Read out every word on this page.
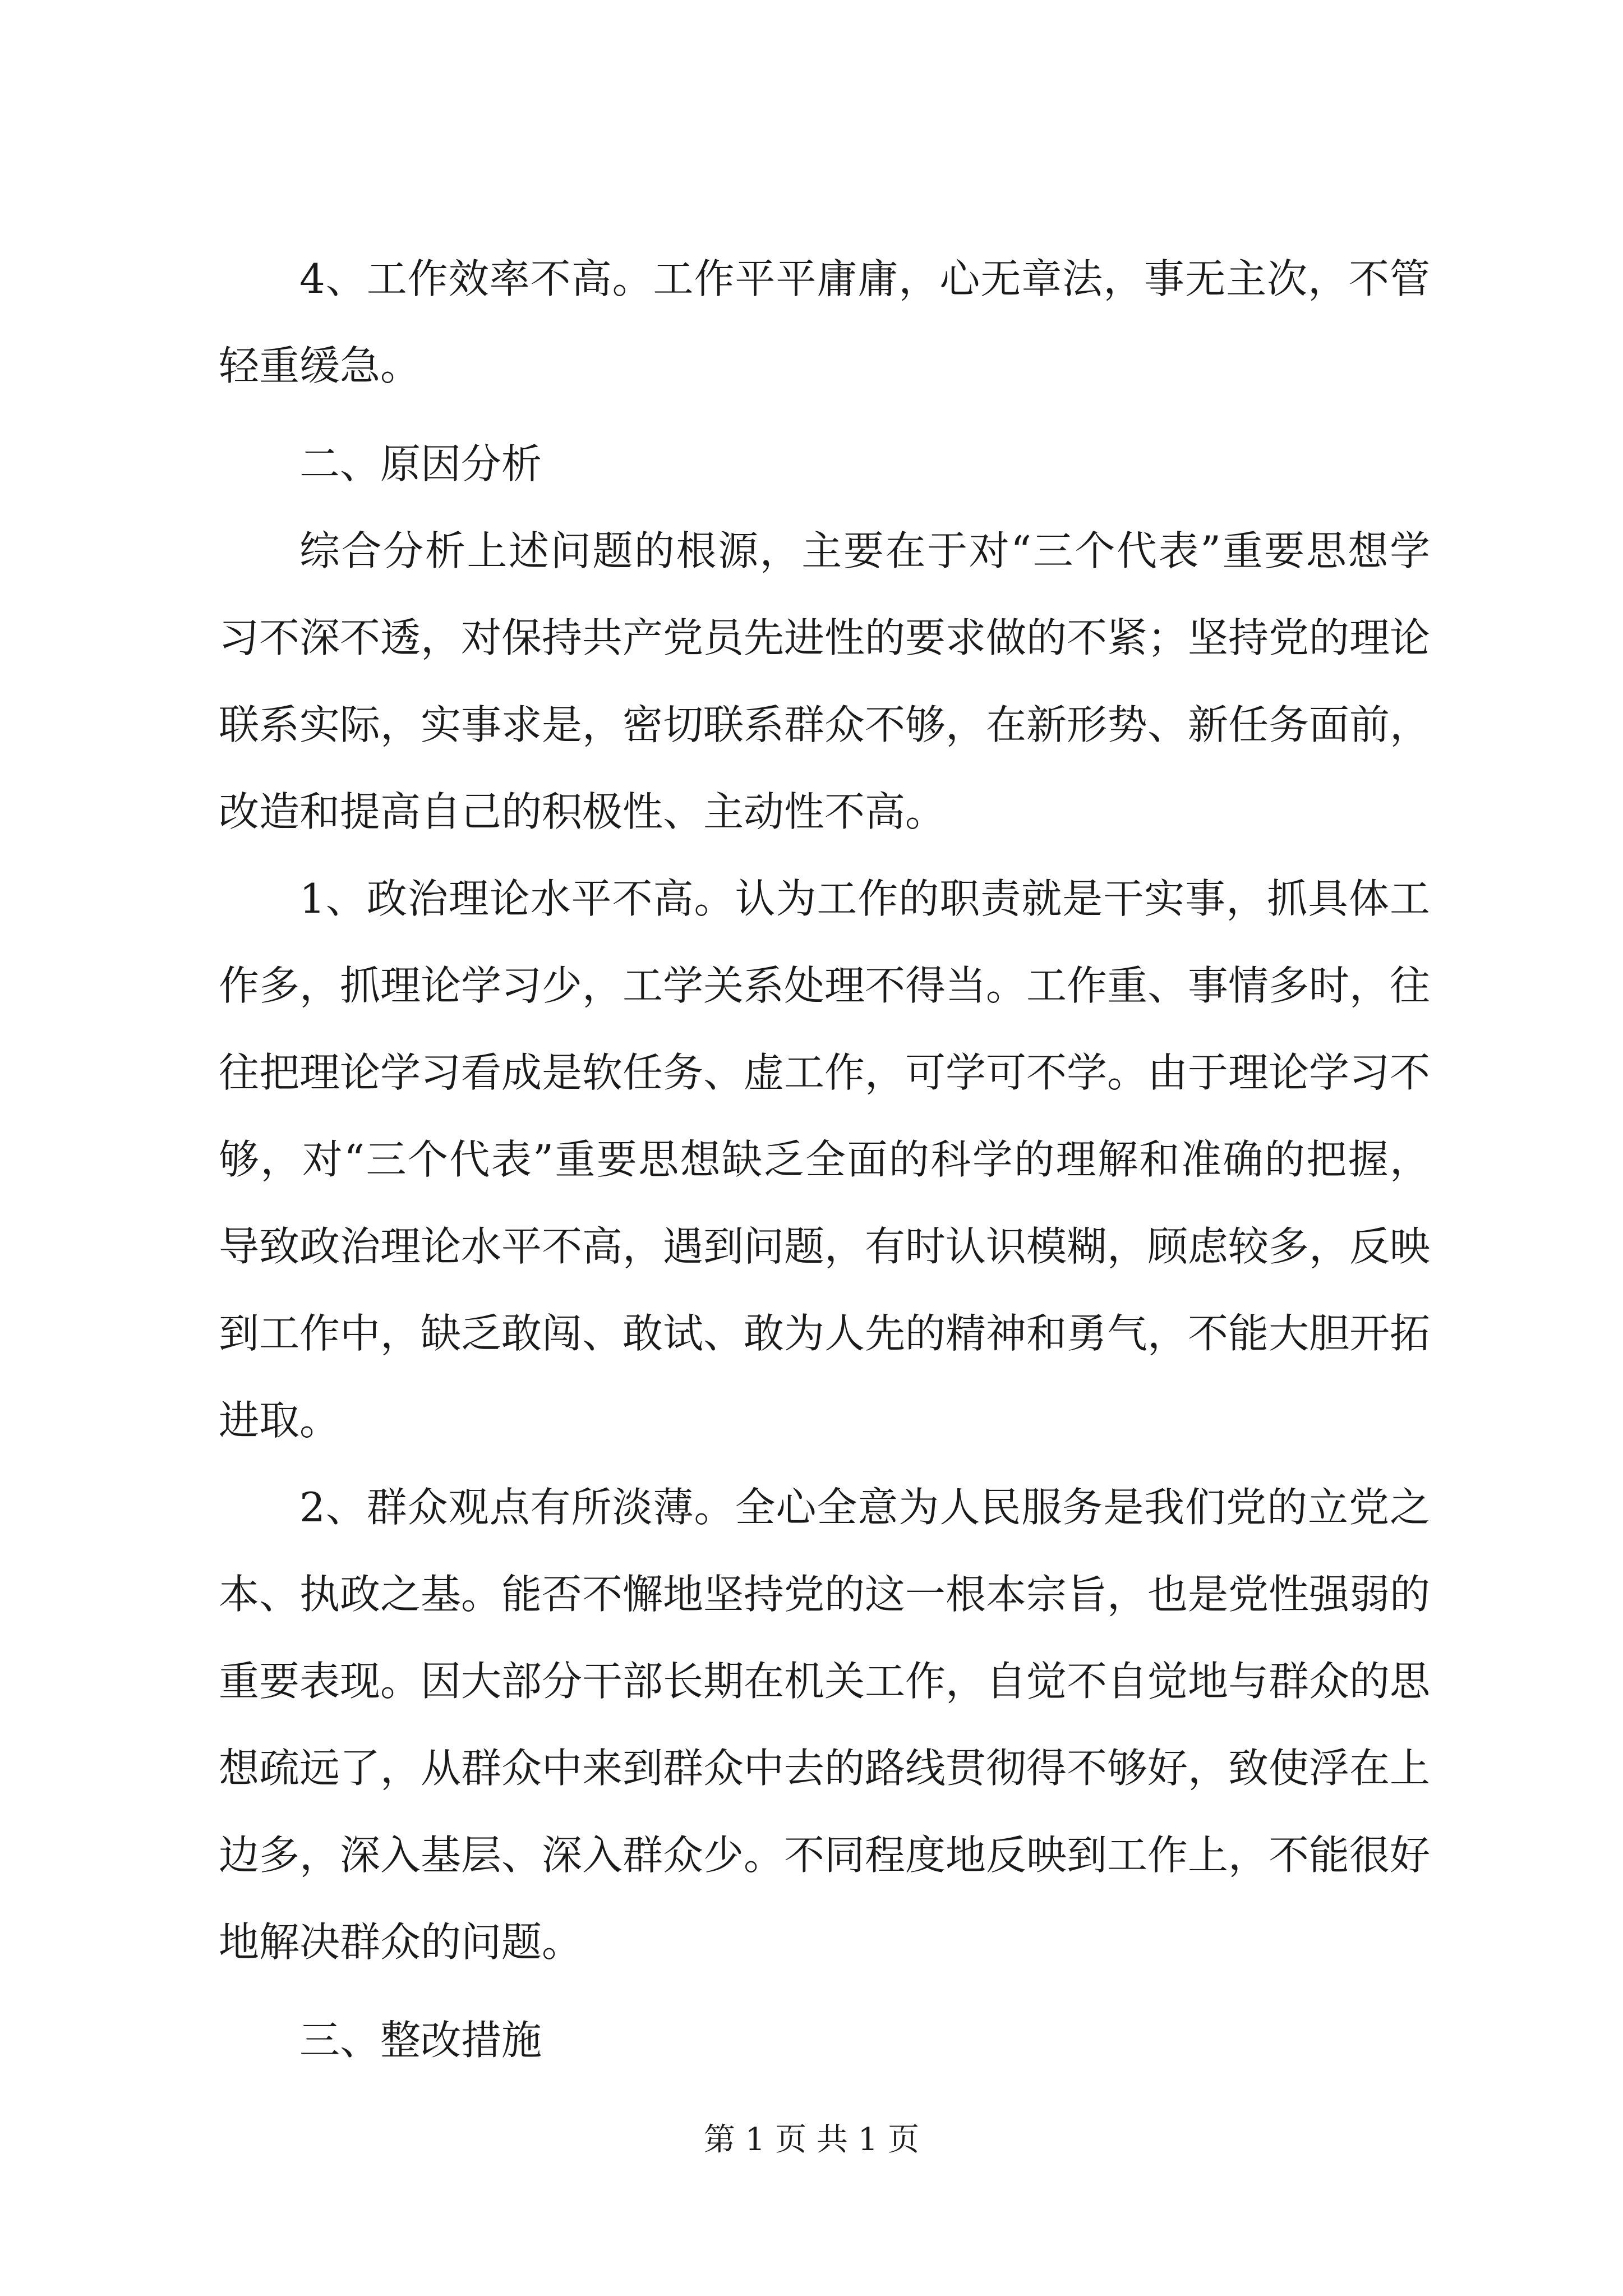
4、工作效率不高。工作平平庸庸，心无章法，事无主次，不管轻重缓急。

二、原因分析

综合分析上述问题的根源，主要在于对“三个代表”重要思想学习不深不透，对保持共产党员先进性的要求做的不紧；坚持党的理论联系实际，实事求是，密切联系群众不够，在新形势、新任务面前，改造和提高自己的积极性、主动性不高。

1、政治理论水平不高。认为工作的职责就是干实事，抓具体工作多，抓理论学习少，工学关系处理不得当。工作重、事情多时，往往把理论学习看成是软任务、虚工作，可学可不学。由于理论学习不够，对“三个代表”重要思想缺乏全面的科学的理解和准确的把握，导致政治理论水平不高，遇到问题，有时认识模糊，顾虑较多，反映到工作中，缺乏敢闯、敢试、敢为人先的精神和勇气，不能大胆开拓进取。

2、群众观点有所淡薄。全心全意为人民服务是我们党的立党之本、执政之基。能否不懈地坚持党的这一根本宗旨，也是党性强弱的重要表现。因大部分干部长期在机关工作，自觉不自觉地与群众的思想疏远了，从群众中来到群众中去的路线贯彻得不够好，致使浮在上边多，深入基层、深入群众少。不同程度地反映到工作上，不能很好地解决群众的问题。

三、整改措施

第 1 页 共 1 页
